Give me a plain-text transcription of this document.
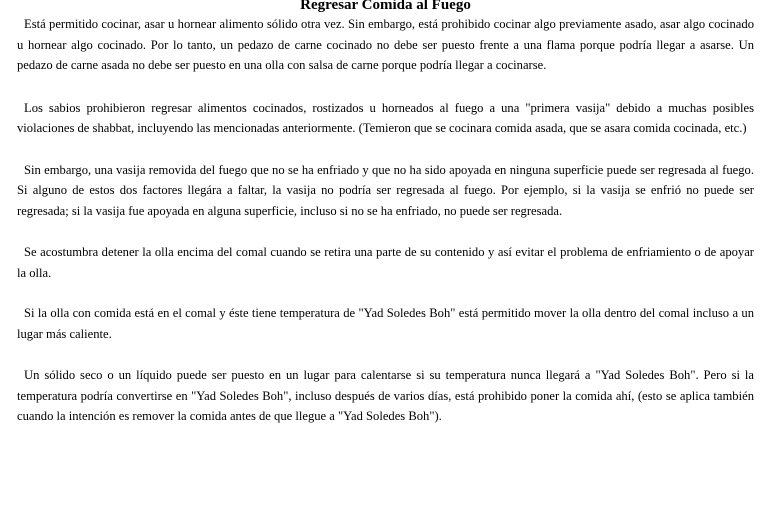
Regresar Comida al Fuego

Está permitido cocinar, asar u hornear alimento sólido otra vez. Sin embargo, está prohibido cocinar algo previamente asado, asar algo cocinado u hornear algo cocinado. Por lo tanto, un pedazo de carne cocinado no debe ser puesto frente a una flama porque podría llegar a asarse. Un pedazo de carne asada no debe ser puesto en una olla con salsa de carne porque podría llegar a cocinarse.

Los sabios prohibieron regresar alimentos cocinados, rostizados u horneados al fuego a una "primera vasija" debido a muchas posibles violaciones de shabbat, incluyendo las mencionadas anteriormente. (Temieron que se cocinara comida asada, que se asara comida cocinada, etc.)

Sin embargo, una vasija removida del fuego que no se ha enfriado y que no ha sido apoyada en ninguna superficie puede ser regresada al fuego. Si alguno de estos dos factores llegára a faltar, la vasija no podría ser regresada al fuego. Por ejemplo, si la vasija se enfrió no puede ser regresada; si la vasija fue apoyada en alguna superficie, incluso si no se ha enfriado, no puede ser regresada.

Se acostumbra detener la olla encima del comal cuando se retira una parte de su contenido y así evitar el problema de enfriamiento o de apoyar la olla.

Si la olla con comida está en el comal y éste tiene temperatura de "Yad Soledes Boh" está permitido mover la olla dentro del comal incluso a un lugar más caliente.

Un sólido seco o un líquido puede ser puesto en un lugar para calentarse si su temperatura nunca llegará a "Yad Soledes Boh". Pero si la temperatura podría convertirse en "Yad Soledes Boh", incluso después de varios días, está prohibido poner la comida ahí, (esto se aplica también cuando la intención es remover la comida antes de que llegue a "Yad Soledes Boh").
